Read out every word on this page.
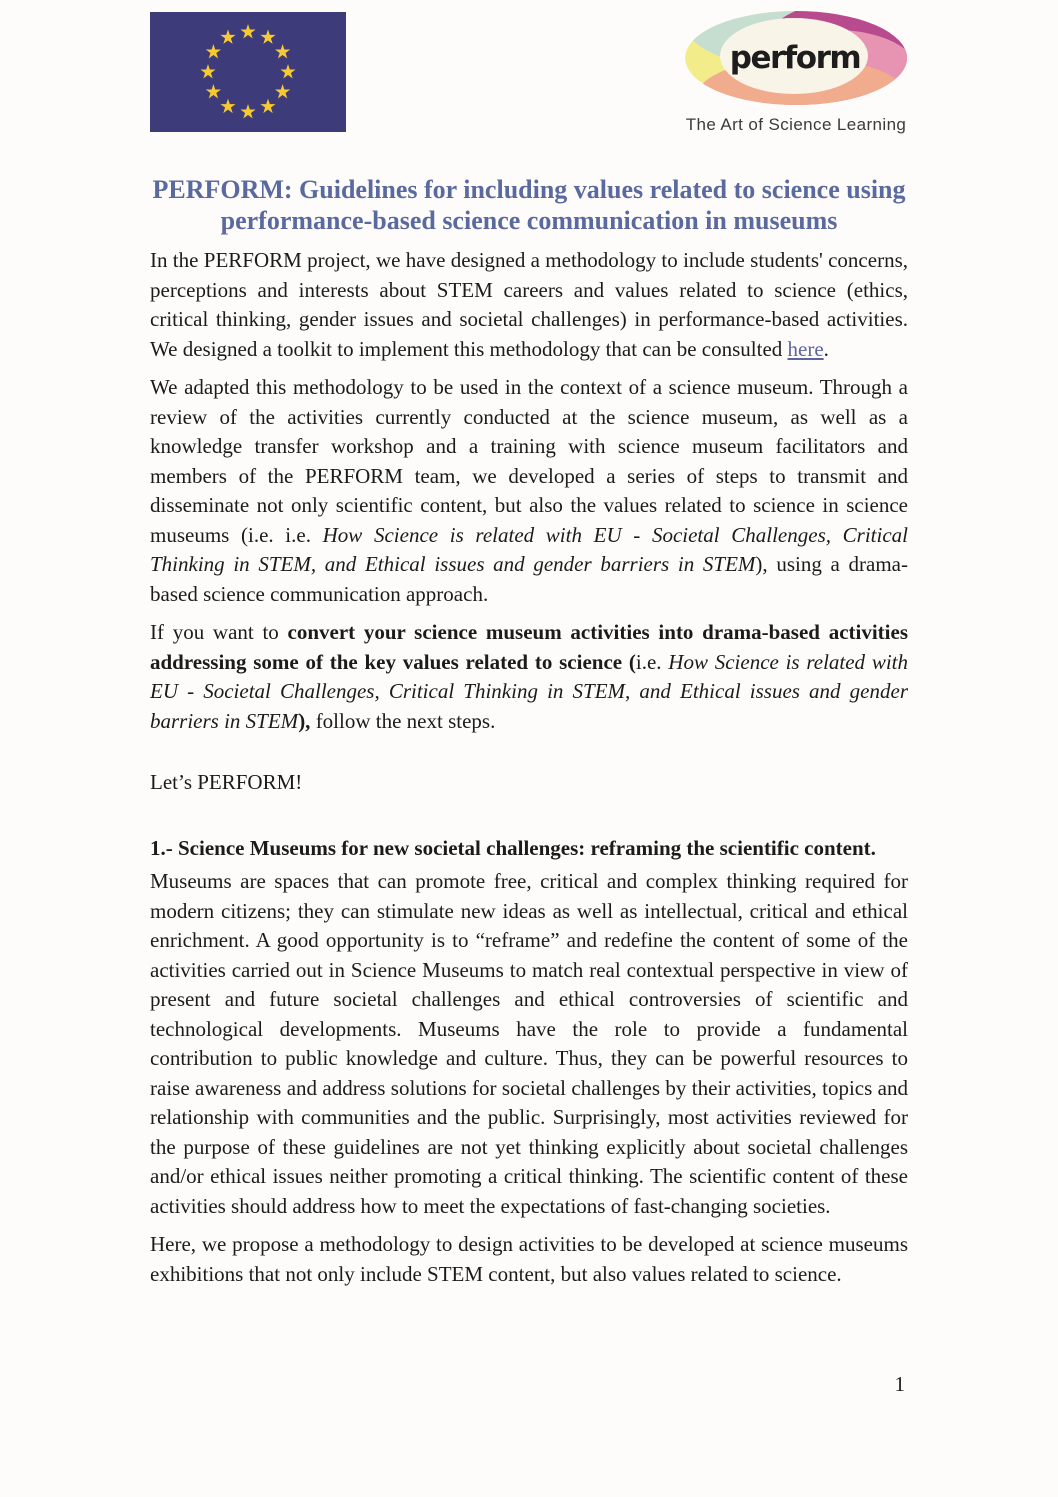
perform
The Art of Science Learning
PERFORM: Guidelines for including values related to science using
performance-based science communication in museums

In the PERFORM project, we have designed a methodology to include students' concerns, perceptions and interests about STEM careers and values related to science (ethics, critical thinking, gender issues and societal challenges) in performance-based activities. We designed a toolkit to implement this methodology that can be consulted here.

We adapted this methodology to be used in the context of a science museum. Through a review of the activities currently conducted at the science museum, as well as a knowledge transfer workshop and a training with science museum facilitators and members of the PERFORM team, we developed a series of steps to transmit and disseminate not only scientific content, but also the values related to science in science museums (i.e. i.e. How Science is related with EU - Societal Challenges, Critical Thinking in STEM, and Ethical issues and gender barriers in STEM), using a drama-based science communication approach.

If you want to convert your science museum activities into drama-based activities addressing some of the key values related to science (i.e. How Science is related with EU - Societal Challenges, Critical Thinking in STEM, and Ethical issues and gender barriers in STEM), follow the next steps.

Let’s PERFORM!

1.- Science Museums for new societal challenges: reframing the scientific content.

Museums are spaces that can promote free, critical and complex thinking required for modern citizens; they can stimulate new ideas as well as intellectual, critical and ethical enrichment. A good opportunity is to “reframe” and redefine the content of some of the activities carried out in Science Museums to match real contextual perspective in view of present and future societal challenges and ethical controversies of scientific and technological developments. Museums have the role to provide a fundamental contribution to public knowledge and culture. Thus, they can be powerful resources to raise awareness and address solutions for societal challenges by their activities, topics and relationship with communities and the public. Surprisingly, most activities reviewed for the purpose of these guidelines are not yet thinking explicitly about societal challenges and/or ethical issues neither promoting a critical thinking. The scientific content of these activities should address how to meet the expectations of fast-changing societies.

Here, we propose a methodology to design activities to be developed at science museums exhibitions that not only include STEM content, but also values related to science.

1
